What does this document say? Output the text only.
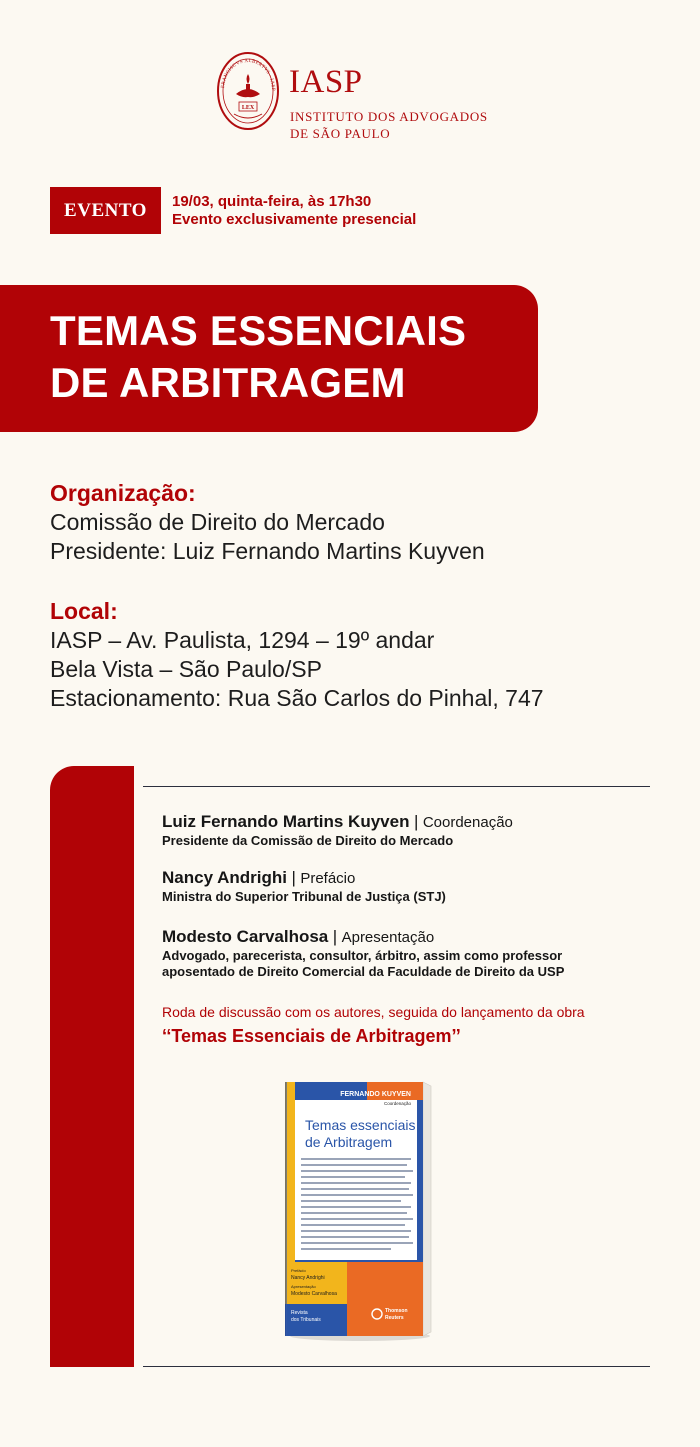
FRANCISCVS ALBERTVS · IASP
LEX
IASP
INSTITUTO DOS ADVOGADOS
DE SÃO PAULO
EVENTO	19/03, quinta-feira, às 17h30
Evento exclusivamente presencial
TEMAS ESSENCIAIS
DE ARBITRAGEM
Organização:
Comissão de Direito do Mercado
Presidente: Luiz Fernando Martins Kuyven
Local:
IASP – Av. Paulista, 1294 – 19º andar
Bela Vista – São Paulo/SP
Estacionamento: Rua São Carlos do Pinhal, 747
Luiz Fernando Martins Kuyven | Coordenação
Presidente da Comissão de Direito do Mercado
Nancy Andrighi | Prefácio
Ministra do Superior Tribunal de Justiça (STJ)
Modesto Carvalhosa | Apresentação
Advogado, parecerista, consultor, árbitro, assim como professor
aposentado de Direito Comercial da Faculdade de Direito da USP
Roda de discussão com os autores, seguida do lançamento da obra
‘‘Temas Essenciais de Arbitragem’’
FERNANDO KUYVEN
Coordenação
Temas essenciais
de Arbitragem
Prefácio
Nancy Andrighi
Apresentação
Modesto Carvalhosa
Revista
dos Tribunais
Thomson
Reuters
